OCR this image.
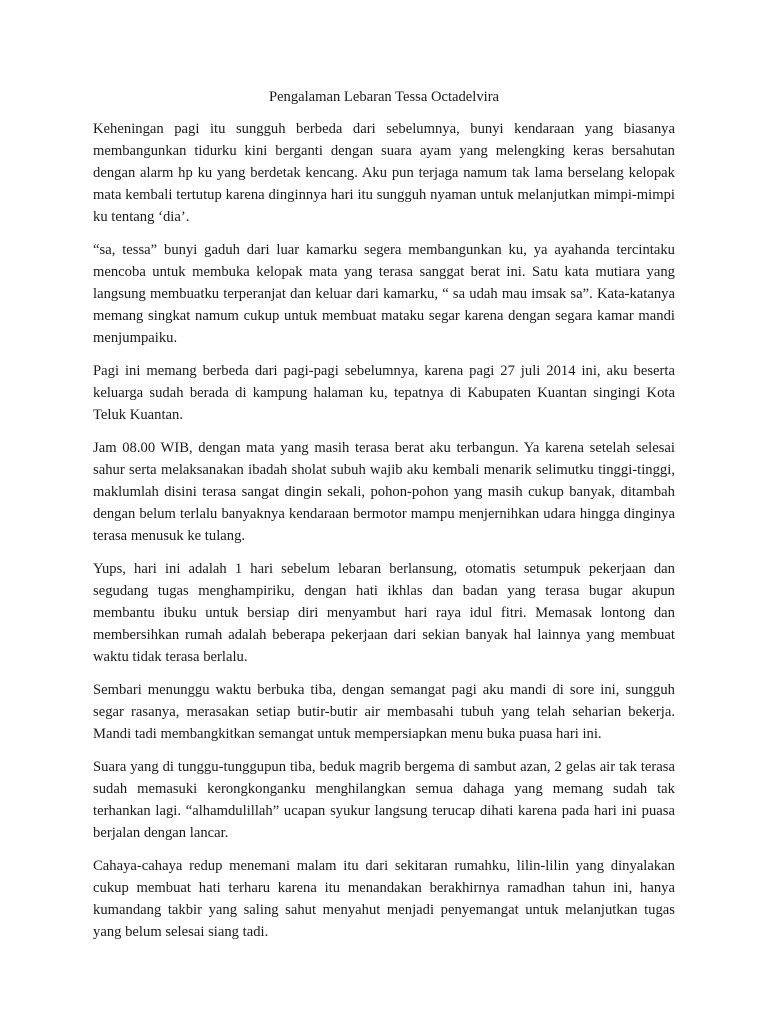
Pengalaman Lebaran Tessa Octadelvira

Keheningan pagi itu sungguh berbeda dari sebelumnya, bunyi kendaraan yang biasanya membangunkan tidurku kini berganti dengan suara ayam yang melengking keras bersahutan dengan alarm hp ku yang berdetak kencang. Aku pun terjaga namum tak lama berselang kelopak mata kembali tertutup karena dinginnya hari itu sungguh nyaman untuk melanjutkan mimpi-mimpi ku tentang ‘dia’.

“sa, tessa” bunyi gaduh dari luar kamarku segera membangunkan ku, ya ayahanda tercintaku mencoba untuk membuka kelopak mata yang terasa sanggat berat ini. Satu kata mutiara yang langsung membuatku terperanjat dan keluar dari kamarku, “ sa udah mau imsak sa”. Kata-katanya memang singkat namum cukup untuk membuat mataku segar karena dengan segara kamar mandi menjumpaiku.

Pagi ini memang berbeda dari pagi-pagi sebelumnya, karena pagi 27 juli 2014 ini, aku beserta keluarga sudah berada di kampung halaman ku, tepatnya di Kabupaten Kuantan singingi Kota Teluk Kuantan.

Jam 08.00 WIB, dengan mata yang masih terasa berat aku terbangun. Ya karena setelah selesai sahur serta melaksanakan ibadah sholat subuh wajib aku kembali menarik selimutku tinggi-tinggi, maklumlah disini terasa sangat dingin sekali, pohon-pohon yang masih cukup banyak, ditambah dengan belum terlalu banyaknya kendaraan bermotor mampu menjernihkan udara hingga dinginya terasa menusuk ke tulang.

Yups, hari ini adalah 1 hari sebelum lebaran berlansung, otomatis setumpuk pekerjaan dan segudang tugas menghampiriku, dengan hati ikhlas dan badan yang terasa bugar akupun membantu ibuku untuk bersiap diri menyambut hari raya idul fitri. Memasak lontong dan membersihkan rumah adalah beberapa pekerjaan dari sekian banyak hal lainnya yang membuat waktu tidak terasa berlalu.

Sembari menunggu waktu berbuka tiba, dengan semangat pagi aku mandi di sore ini, sungguh segar rasanya, merasakan setiap butir-butir air membasahi tubuh yang telah seharian bekerja. Mandi tadi membangkitkan semangat untuk mempersiapkan menu buka puasa hari ini.

Suara yang di tunggu-tunggupun tiba, beduk magrib bergema di sambut azan, 2 gelas air tak terasa sudah memasuki kerongkonganku menghilangkan semua dahaga yang memang sudah tak terhankan lagi. “alhamdulillah” ucapan syukur langsung terucap dihati karena pada hari ini puasa berjalan dengan lancar.

Cahaya-cahaya redup menemani malam itu dari sekitaran rumahku, lilin-lilin yang dinyalakan cukup membuat hati terharu karena itu menandakan berakhirnya ramadhan tahun ini, hanya kumandang takbir yang saling sahut menyahut menjadi penyemangat untuk melanjutkan tugas yang belum selesai siang tadi.
